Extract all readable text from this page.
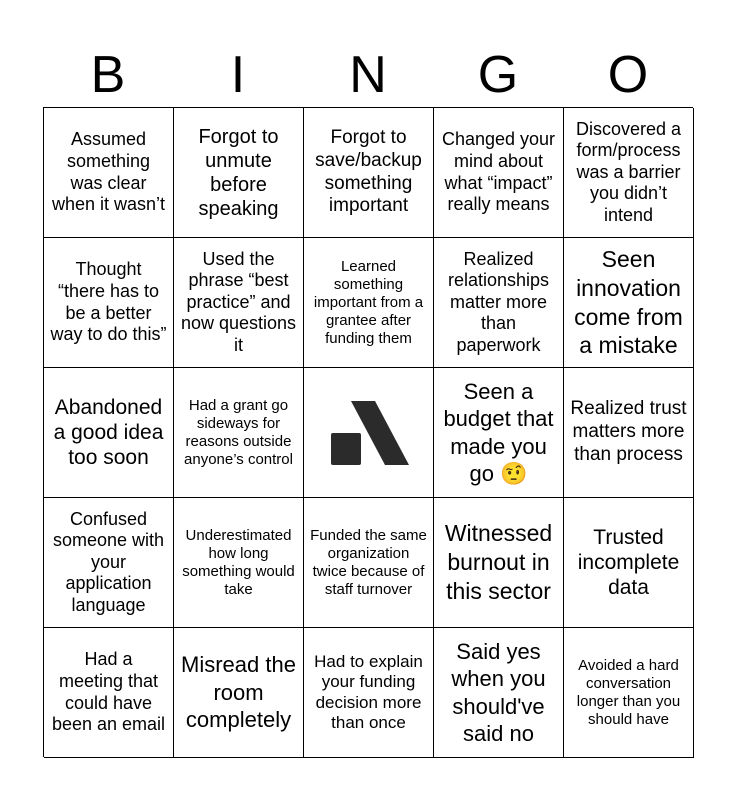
B	I	N	G	O
Assumed something was clear when it wasn’t
Forgot to unmute before speaking
Forgot to save/backup something important
Changed your mind about what “impact” really means
Discovered a form/process was a barrier you didn’t intend
Thought “there has to be a better way to do this”
Used the phrase “best practice” and now questions it
Learned something important from a grantee after funding them
Realized relationships matter more than paperwork
Seen innovation come from a mistake
Abandoned a good idea too soon
Had a grant go sideways for reasons outside anyone’s control
Seen a budget that made you go 🤨
Realized trust matters more than process
Confused someone with your application language
Underestimated how long something would take
Funded the same organization twice because of staff turnover
Witnessed burnout in this sector
Trusted incomplete data
Had a meeting that could have been an email
Misread the room completely
Had to explain your funding decision more than once
Said yes when you should've said no
Avoided a hard conversation longer than you should have
